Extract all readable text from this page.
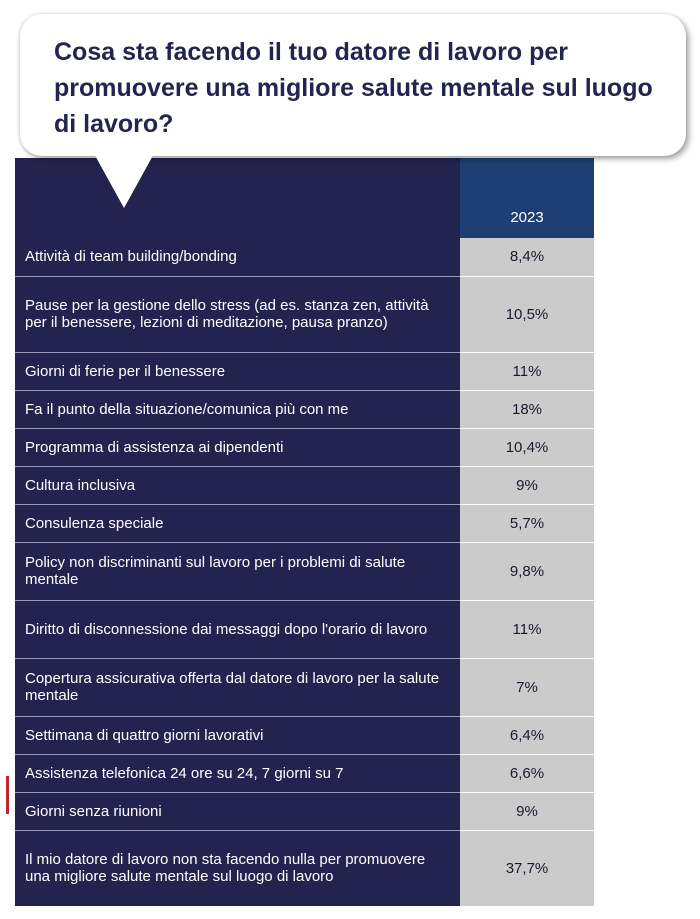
Cosa sta facendo il tuo datore di lavoro per promuovere una migliore salute mentale sul luogo di lavoro?
	2023
Attività di team building/bonding	8,4%
Pause per la gestione dello stress (ad es. stanza zen, attività per il benessere, lezioni di meditazione, pausa pranzo)	10,5%
Giorni di ferie per il benessere	11%
Fa il punto della situazione/comunica più con me	18%
Programma di assistenza ai dipendenti	10,4%
Cultura inclusiva	9%
Consulenza speciale	5,7%
Policy non discriminanti sul lavoro per i problemi di salute mentale	9,8%
Diritto di disconnessione dai messaggi dopo l'orario di lavoro	11%
Copertura assicurativa offerta dal datore di lavoro per la salute mentale	7%
Settimana di quattro giorni lavorativi	6,4%
Assistenza telefonica 24 ore su 24, 7 giorni su 7	6,6%
Giorni senza riunioni	9%
Il mio datore di lavoro non sta facendo nulla per promuovere una migliore salute mentale sul luogo di lavoro	37,7%
